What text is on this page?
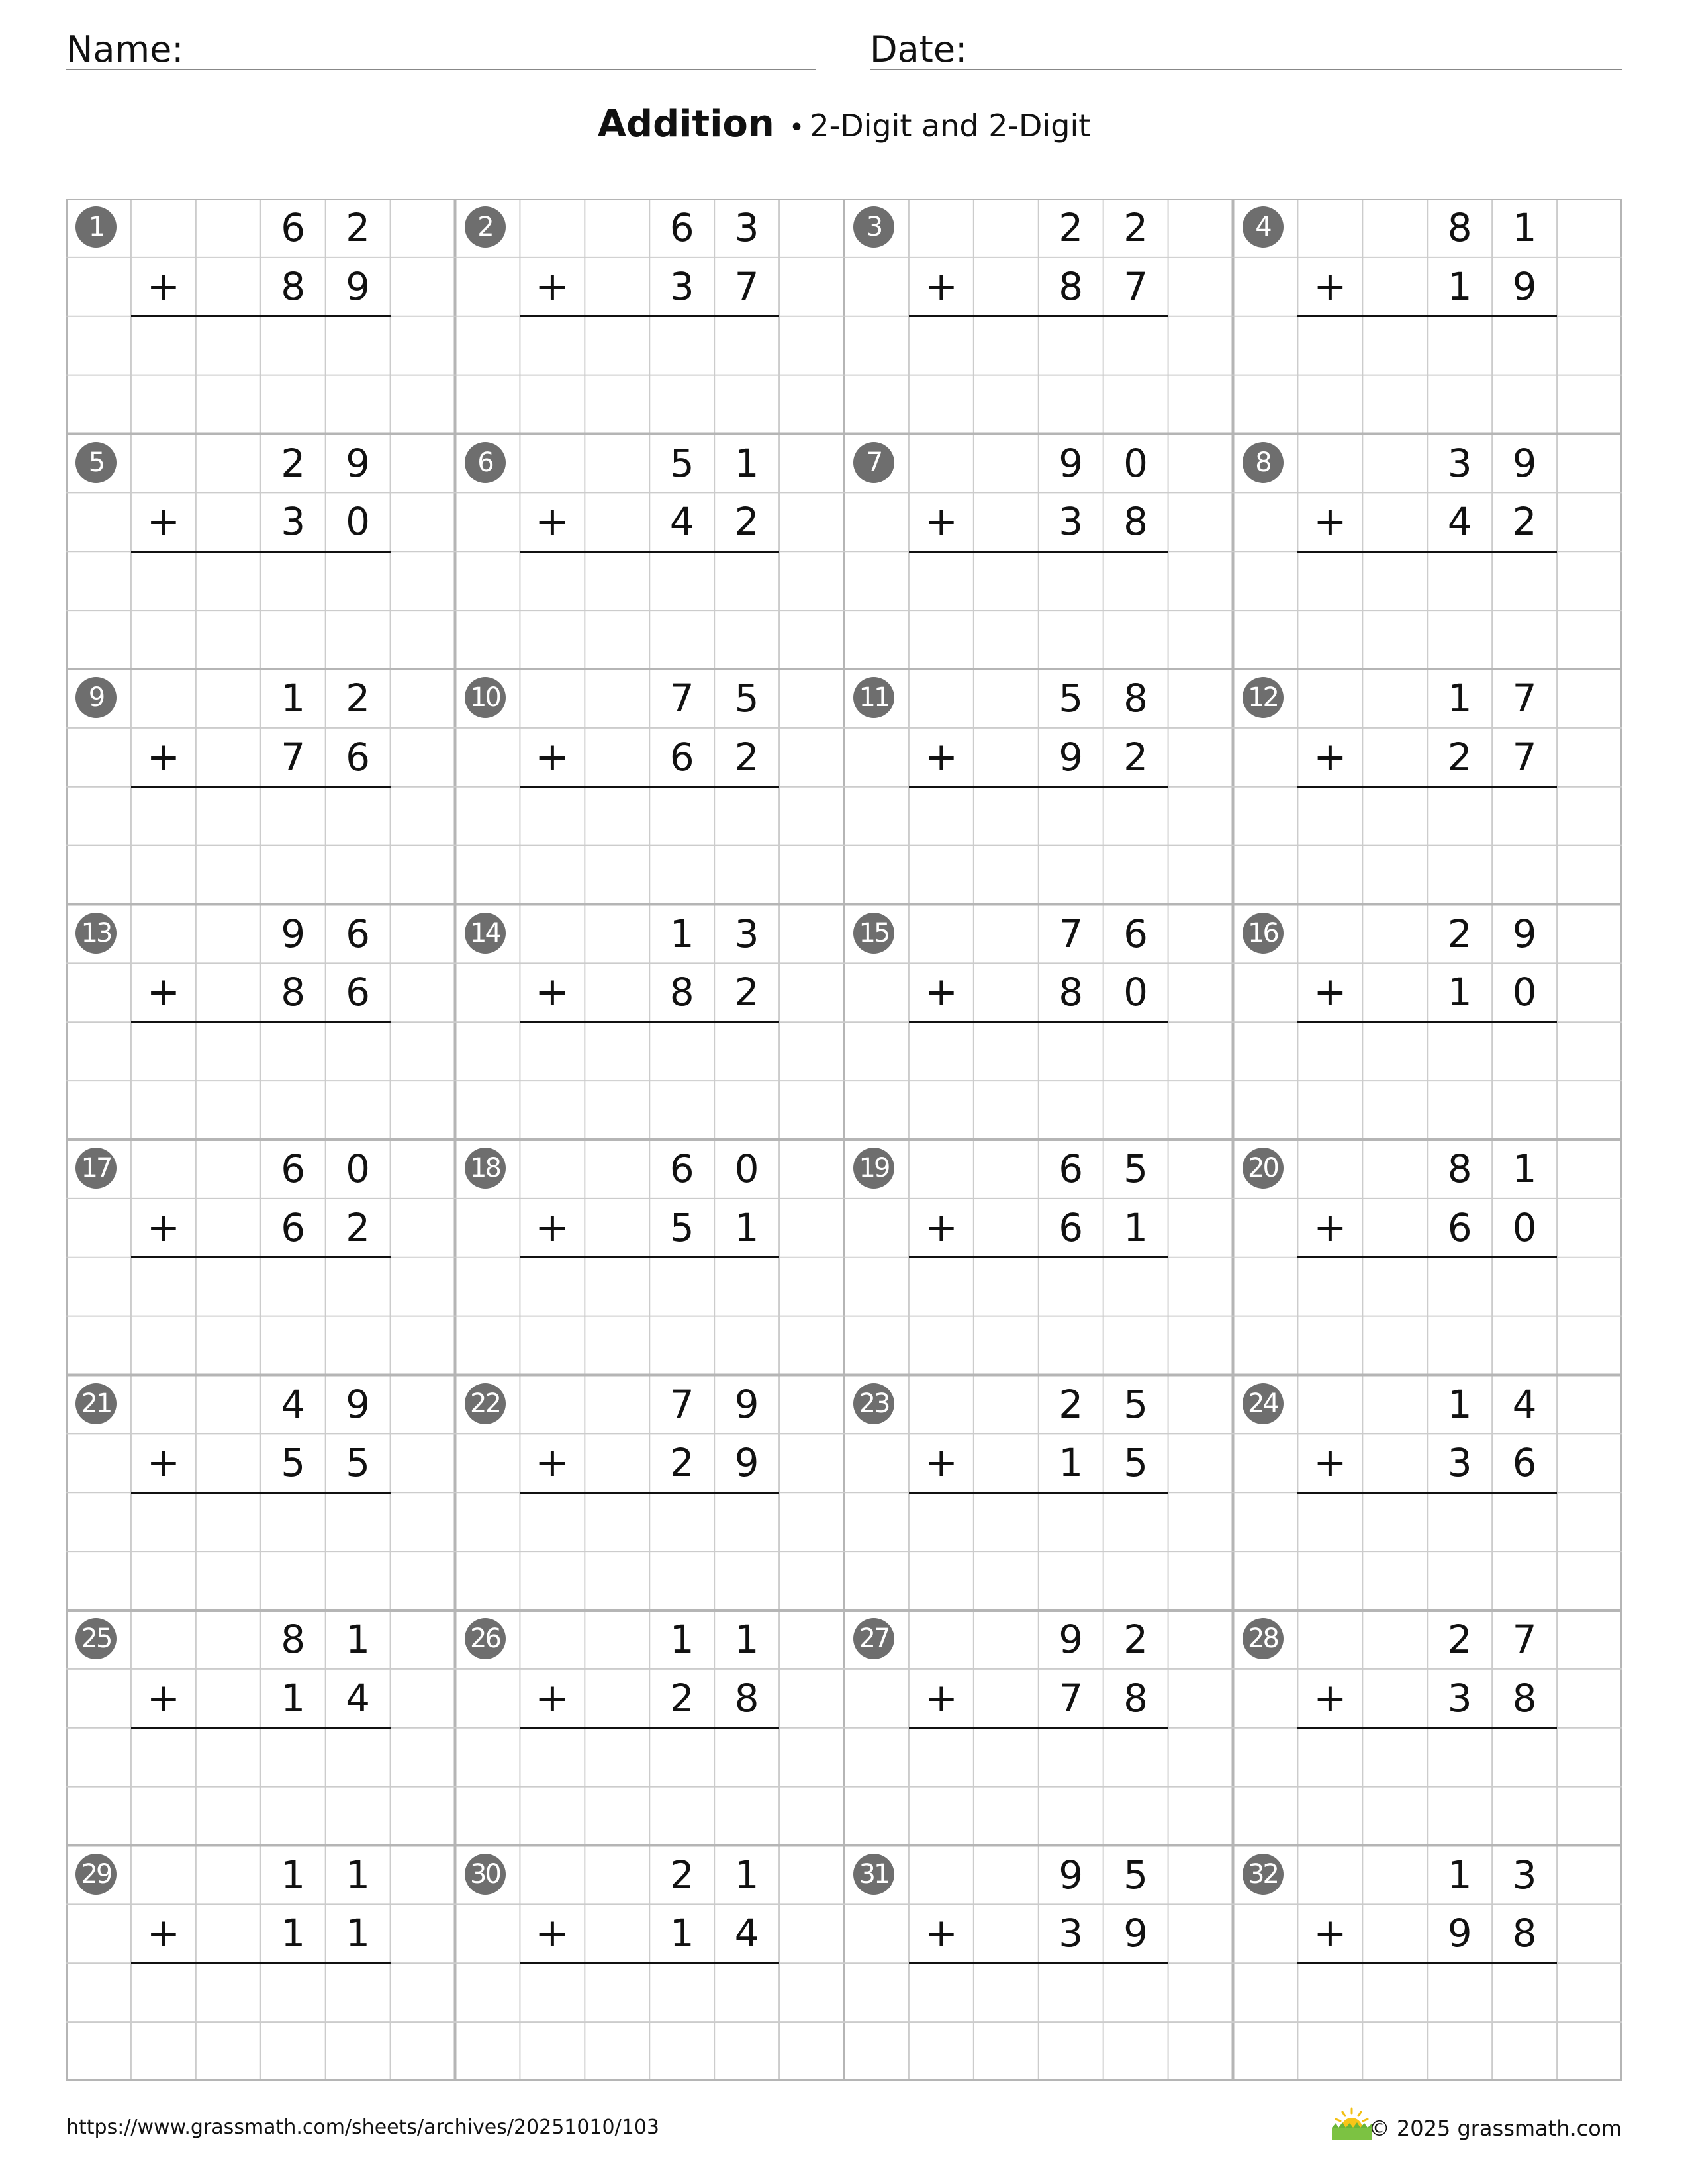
Name:	Date:
Addition • 2-Digit and 2-Digit
1	6	2
+	8	9
2	6	3
+	3	7
3	2	2
+	8	7
4	8	1
+	1	9
5	2	9
+	3	0
6	5	1
+	4	2
7	9	0
+	3	8
8	3	9
+	4	2
9	1	2
+	7	6
10	7	5
+	6	2
11	5	8
+	9	2
12	1	7
+	2	7
13	9	6
+	8	6
14	1	3
+	8	2
15	7	6
+	8	0
16	2	9
+	1	0
17	6	0
+	6	2
18	6	0
+	5	1
19	6	5
+	6	1
20	8	1
+	6	0
21	4	9
+	5	5
22	7	9
+	2	9
23	2	5
+	1	5
24	1	4
+	3	6
25	8	1
+	1	4
26	1	1
+	2	8
27	9	2
+	7	8
28	2	7
+	3	8
29	1	1
+	1	1
30	2	1
+	1	4
31	9	5
+	3	9
32	1	3
+	9	8
https://www.grassmath.com/sheets/archives/20251010/103	© 2025 grassmath.com
